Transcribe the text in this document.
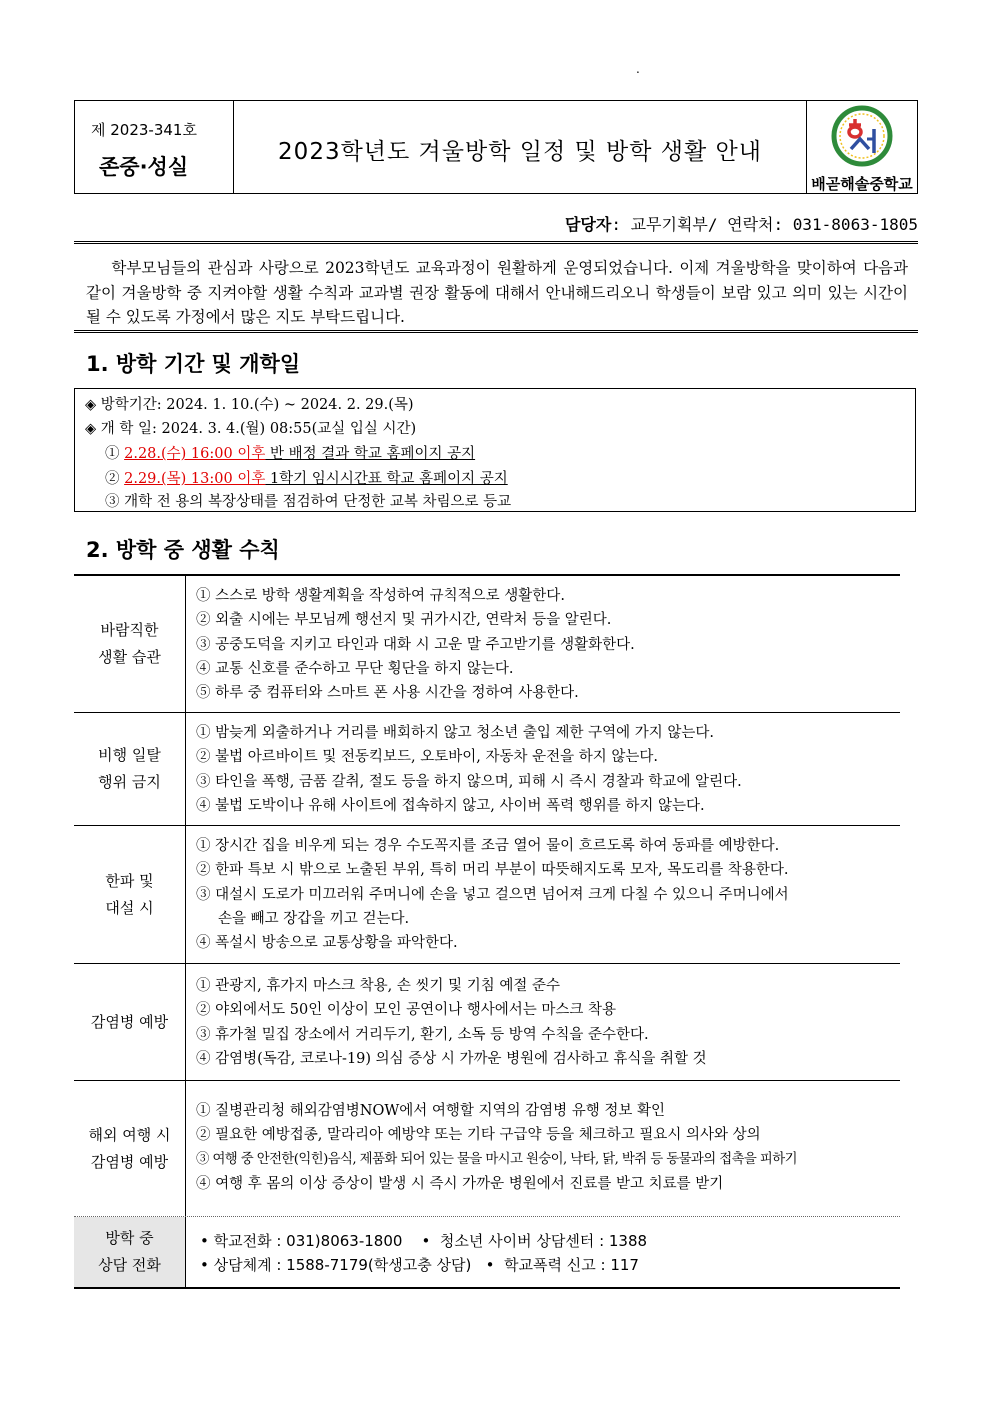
.
제 2023-341호
존중·성실
2023학년도 겨울방학 일정 및 방학 생활 안내
배곧해솔중학교
담당자: 교무기획부/ 연락처: 031-8063-1805

학부모님들의 관심과 사랑으로 2023학년도 교육과정이 원활하게 운영되었습니다. 이제 겨울방학을 맞이하여 다음과 같이 겨울방학 중 지켜야할 생활 수칙과 교과별 권장 활동에 대해서 안내해드리오니 학생들이 보람 있고 의미 있는 시간이 될 수 있도록 가정에서 많은 지도 부탁드립니다.

1. 방학 기간 및 개학일
◈ 방학기간: 2024. 1. 10.(수) ~ 2024. 2. 29.(목)
◈ 개 학 일: 2024. 3. 4.(월) 08:55(교실 입실 시간)
① 2.28.(수) 16:00 이후 반 배정 결과 학교 홈페이지 공지
② 2.29.(목) 13:00 이후 1학기 임시시간표 학교 홈페이지 공지
③ 개학 전 용의 복장상태를 점검하여 단정한 교복 차림으로 등교
2. 방학 중 생활 수칙
바람직한
생활 습관
① 스스로 방학 생활계획을 작성하여 규칙적으로 생활한다.
② 외출 시에는 부모님께 행선지 및 귀가시간, 연락처 등을 알린다.
③ 공중도덕을 지키고 타인과 대화 시 고운 말 주고받기를 생활화한다.
④ 교통 신호를 준수하고 무단 횡단을 하지 않는다.
⑤ 하루 중 컴퓨터와 스마트 폰 사용 시간을 정하여 사용한다.
비행 일탈
행위 금지
① 밤늦게 외출하거나 거리를 배회하지 않고 청소년 출입 제한 구역에 가지 않는다.
② 불법 아르바이트 및 전동킥보드, 오토바이, 자동차 운전을 하지 않는다.
③ 타인을 폭행, 금품 갈취, 절도 등을 하지 않으며, 피해 시 즉시 경찰과 학교에 알린다.
④ 불법 도박이나 유해 사이트에 접속하지 않고, 사이버 폭력 행위를 하지 않는다.
한파 및
대설 시
① 장시간 집을 비우게 되는 경우 수도꼭지를 조금 열어 물이 흐르도록 하여 동파를 예방한다.
② 한파 특보 시 밖으로 노출된 부위, 특히 머리 부분이 따뜻해지도록 모자, 목도리를 착용한다.
③ 대설시 도로가 미끄러워 주머니에 손을 넣고 걸으면 넘어져 크게 다칠 수 있으니 주머니에서
손을 빼고 장갑을 끼고 걷는다.
④ 폭설시 방송으로 교통상황을 파악한다.
감염병 예방
① 관광지, 휴가지 마스크 착용, 손 씻기 및 기침 예절 준수
② 야외에서도 50인 이상이 모인 공연이나 행사에서는 마스크 착용
③ 휴가철 밀집 장소에서 거리두기, 환기, 소독 등 방역 수칙을 준수한다.
④ 감염병(독감, 코로나-19) 의심 증상 시 가까운 병원에 검사하고 휴식을 취할 것
해외 여행 시
감염병 예방
① 질병관리청 해외감염병NOW에서 여행할 지역의 감염병 유행 정보 확인
② 필요한 예방접종, 말라리아 예방약 또는 기타 구급약 등을 체크하고 필요시 의사와 상의
③ 여행 중 안전한(익힌)음식, 제품화 되어 있는 물을 마시고 원숭이, 낙타, 닭, 박쥐 등 동물과의 접촉을 피하기
④ 여행 후 몸의 이상 증상이 발생 시 즉시 가까운 병원에서 진료를 받고 치료를 받기
방학 중
상담 전화
• 학교전화 : 031)8063-1800    •  청소년 사이버 상담센터 : 1388
• 상담체계 : 1588-7179(학생고충 상담)   •  학교폭력 신고 : 117
